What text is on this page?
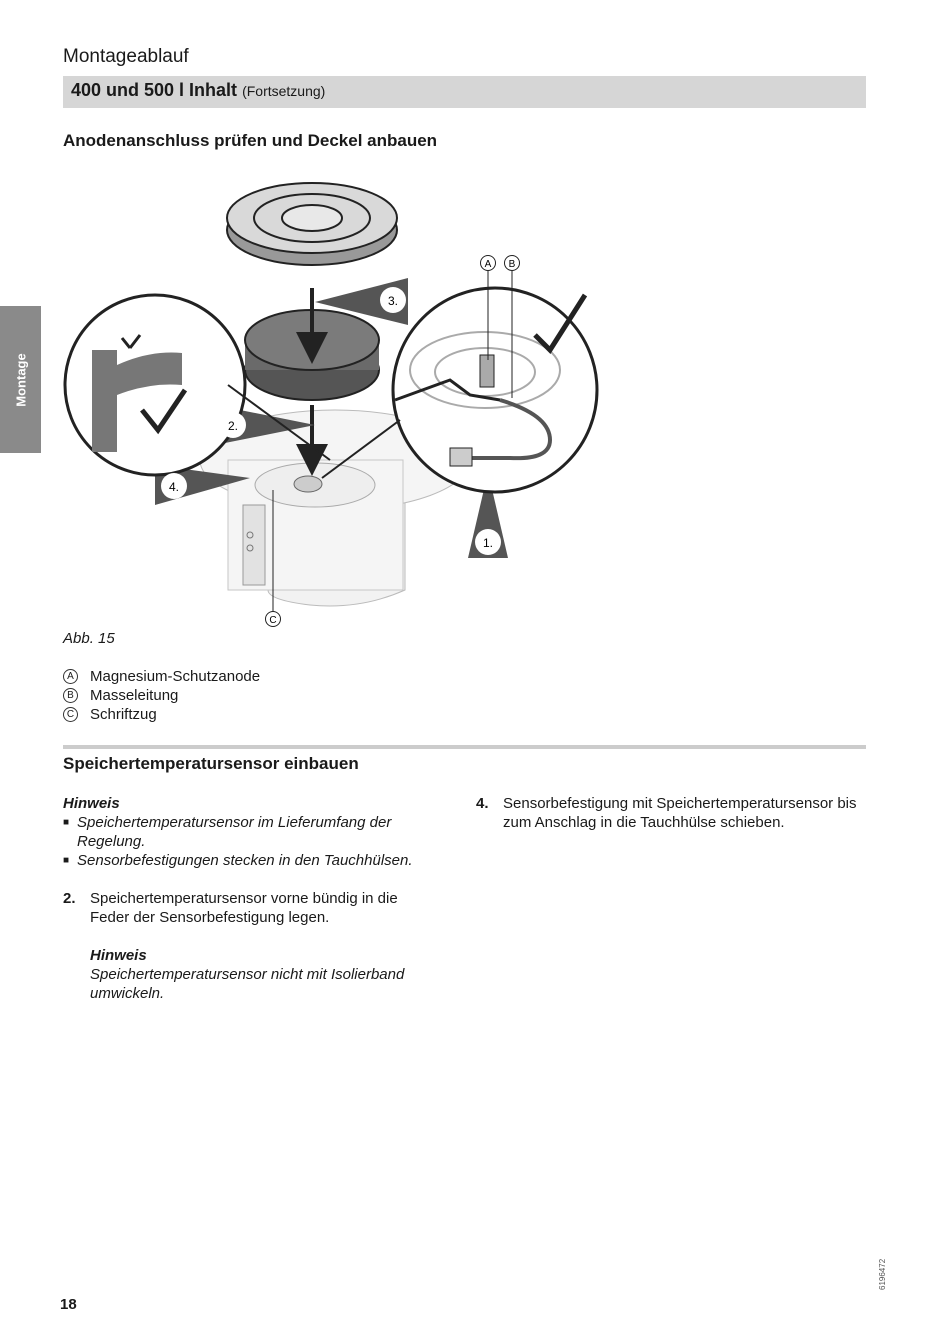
Montageablauf
400 und 500 l Inhalt (Fortsetzung)
Montage
Anodenanschluss prüfen und Deckel anbauen
A B
C
3.
2.
4.
1.
Abb. 15
A Magnesium-Schutzanode
B Masseleitung
C Schriftzug
Speichertemperatursensor einbauen
Hinweis
■ Speichertemperatursensor im Lieferumfang der Regelung.
■ Sensorbefestigungen stecken in den Tauchhülsen.
2. Speichertemperatursensor vorne bündig in die Feder der Sensorbefestigung legen.
Hinweis
Speichertemperatursensor nicht mit Isolierband umwickeln.
4. Sensorbefestigung mit Speichertemperatursensor bis zum Anschlag in die Tauchhülse schieben.
18
6196472
